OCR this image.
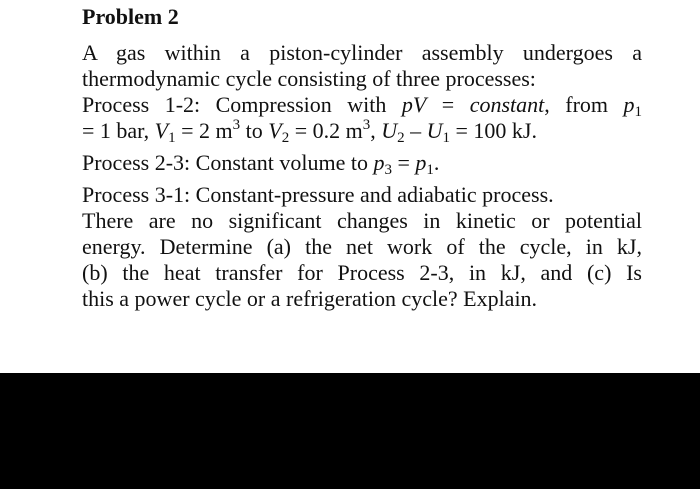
Problem 2

A gas within a piston-cylinder assembly undergoes a
thermodynamic cycle consisting of three processes:
Process 1-2: Compression with pV = constant, from $p_1$
= 1 bar, $V_1 = 2$ $m^3$ to $V_2 = 0.2$ $m^3$, $U_2 - U_1 = 100$ kJ.

Process 2-3: Constant volume to $p_3 = p_1$.

Process 3-1: Constant-pressure and adiabatic process.
There are no significant changes in kinetic or potential
energy. Determine (a) the net work of the cycle, in kJ,
(b) the heat transfer for Process 2-3, in kJ, and (c) Is
this a power cycle or a refrigeration cycle? Explain.
